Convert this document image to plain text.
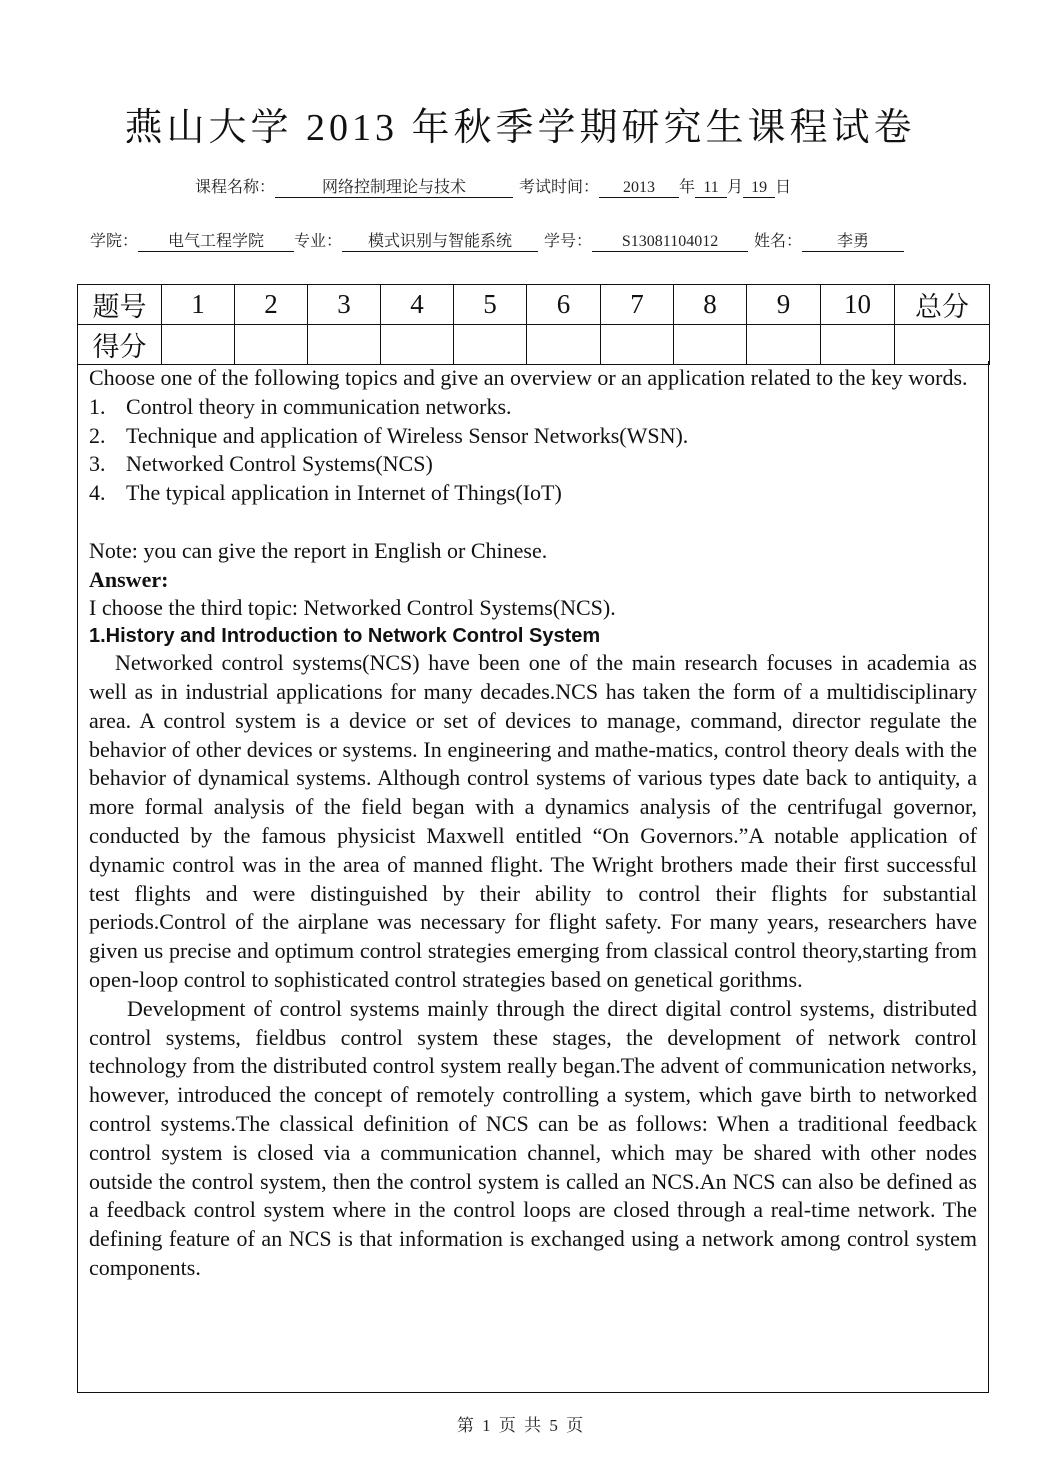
燕山大学 2013 年秋季学期研究生课程试卷
课程名称：	网络控制理论与技术	考试时间： 2013 年 11 月 19 日
学院： 电气工程学院 专业： 模式识别与智能系统 学号： S13081104012 姓名： 李勇
题号	1	2	3	4	5	6	7	8	9	10	总分
得分											

Choose one of the following topics and give an overview or an application related to the key words.

1. Control theory in communication networks.
2. Technique and application of Wireless Sensor Networks(WSN).
3. Networked Control Systems(NCS)
4. The typical application in Internet of Things(IoT)

Note: you can give the report in English or Chinese.

Answer:

I choose the third topic: Networked Control Systems(NCS).

1.History and Introduction to Network Control System

Networked control systems(NCS) have been one of the main research focuses in academia as well as in industrial applications for many decades.NCS has taken the form of a multidisciplinary area. A control system is a device or set of devices to manage, command, director regulate the behavior of other devices or systems. In engineering and mathe-matics, control theory deals with the behavior of dynamical systems. Although control systems of various types date back to antiquity, a more formal analysis of the field began with a dynamics analysis of the centrifugal governor, conducted by the famous physicist Maxwell entitled “On Governors.”A notable application of dynamic control was in the area of manned flight. The Wright brothers made their first successful test flights and were distinguished by their ability to control their flights for substantial periods.Control of the airplane was necessary for flight safety. For many years, researchers have given us precise and optimum control strategies emerging from classical control theory,starting from open-loop control to sophisticated control strategies based on genetical gorithms.

Development of control systems mainly through the direct digital control systems, distributed control systems, fieldbus control system these stages, the development of network control technology from the distributed control system really began.The advent of communication networks, however, introduced the concept of remotely controlling a system, which gave birth to networked control systems.The classical definition of NCS can be as follows: When a traditional feedback control system is closed via a communication channel, which may be shared with other nodes outside the control system, then the control system is called an NCS.An NCS can also be defined as a feedback control system where in the control loops are closed through a real-time network. The defining feature of an NCS is that information is exchanged using a network among control system components.

第 1 页 共 5 页
